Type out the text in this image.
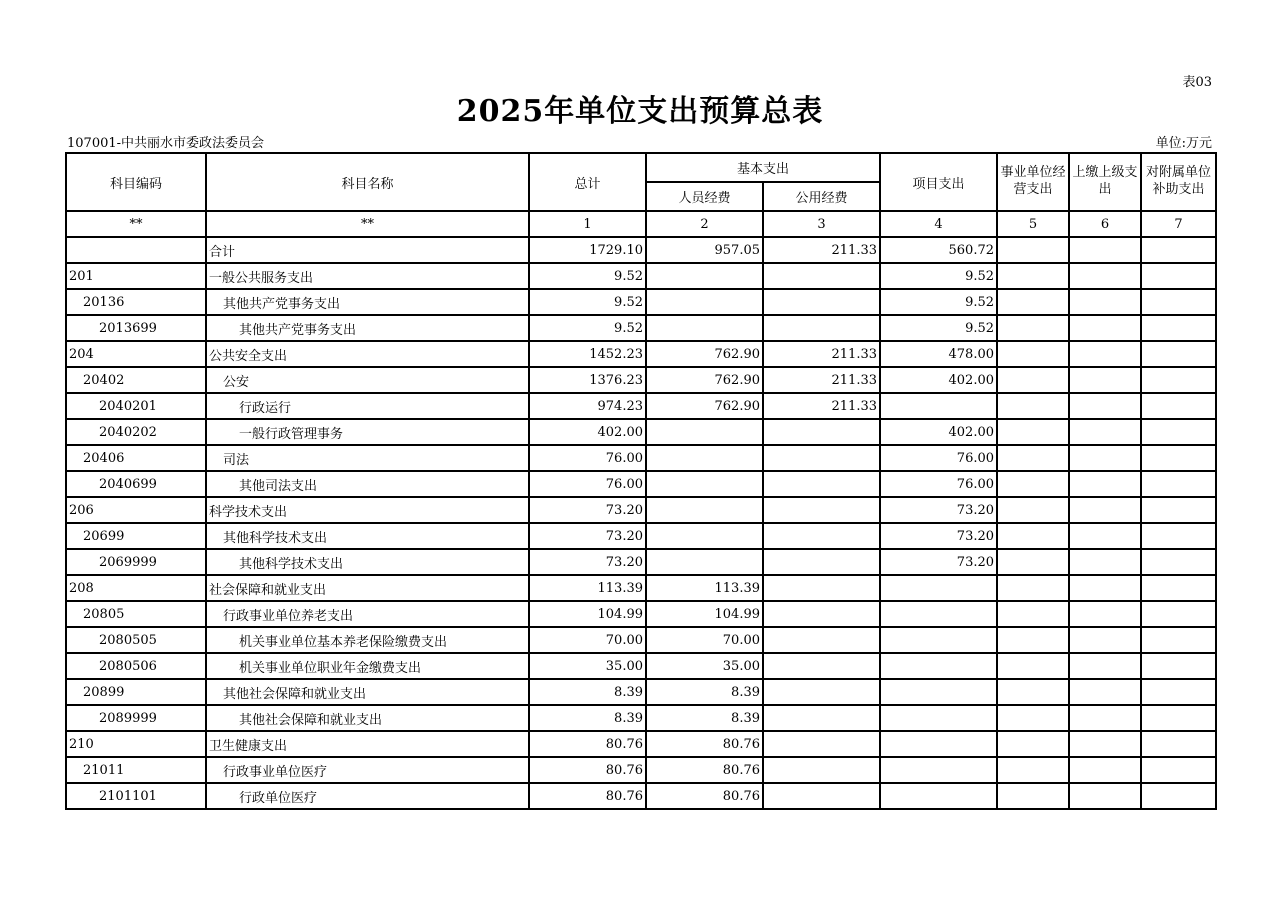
表03
2025年单位支出预算总表
107001-中共丽水市委政法委员会	单位:万元
科目编码	科目名称	总计	基本支出		项目支出	事业单位经营支出	上缴上级支出	对附属单位补助支出
			人员经费	公用经费				
**	**	1	2	3	4	5	6	7
	合计	1729.10	957.05	211.33	560.72			
201	一般公共服务支出	9.52			9.52			
20136	其他共产党事务支出	9.52			9.52			
2013699	其他共产党事务支出	9.52			9.52			
204	公共安全支出	1452.23	762.90	211.33	478.00			
20402	公安	1376.23	762.90	211.33	402.00			
2040201	行政运行	974.23	762.90	211.33				
2040202	一般行政管理事务	402.00			402.00			
20406	司法	76.00			76.00			
2040699	其他司法支出	76.00			76.00			
206	科学技术支出	73.20			73.20			
20699	其他科学技术支出	73.20			73.20			
2069999	其他科学技术支出	73.20			73.20			
208	社会保障和就业支出	113.39	113.39					
20805	行政事业单位养老支出	104.99	104.99					
2080505	机关事业单位基本养老保险缴费支出	70.00	70.00					
2080506	机关事业单位职业年金缴费支出	35.00	35.00					
20899	其他社会保障和就业支出	8.39	8.39					
2089999	其他社会保障和就业支出	8.39	8.39					
210	卫生健康支出	80.76	80.76					
21011	行政事业单位医疗	80.76	80.76					
2101101	行政单位医疗	80.76	80.76					
